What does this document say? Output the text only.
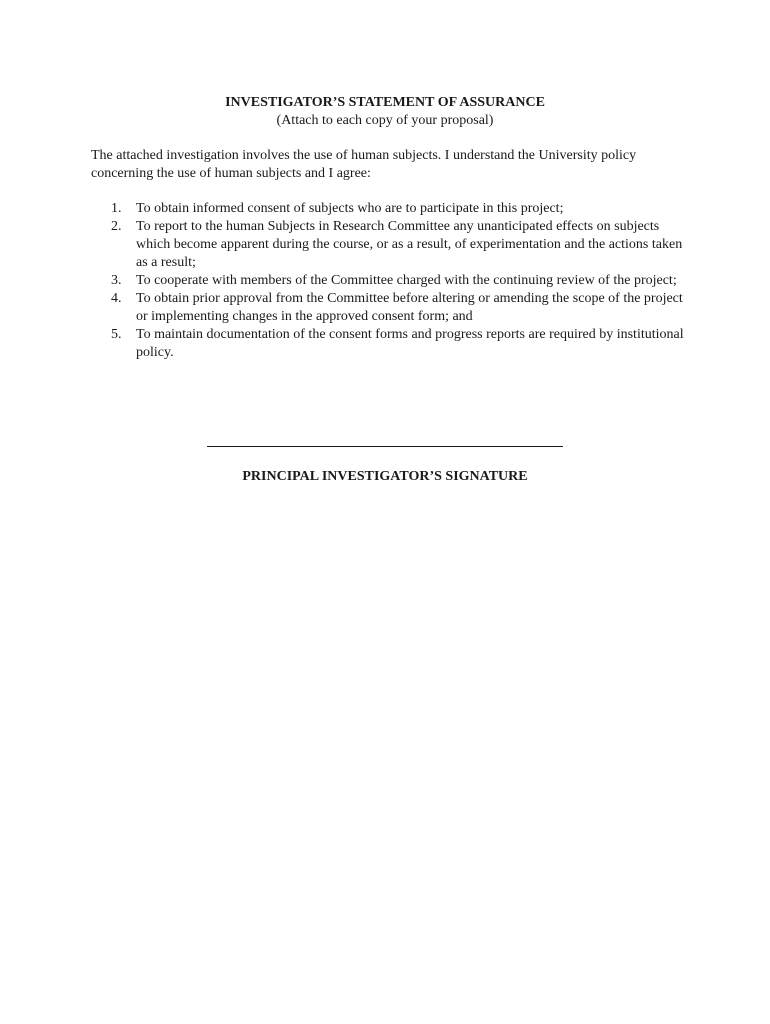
INVESTIGATOR’S STATEMENT OF ASSURANCE
(Attach to each copy of your proposal)

The attached investigation involves the use of human subjects. I understand the University policy concerning the use of human subjects and I agree:

1. To obtain informed consent of subjects who are to participate in this project;
2. To report to the human Subjects in Research Committee any unanticipated effects on subjects which become apparent during the course, or as a result, of experimentation and the actions taken as a result;
3. To cooperate with members of the Committee charged with the continuing review of the project;
4. To obtain prior approval from the Committee before altering or amending the scope of the project or implementing changes in the approved consent form; and
5. To maintain documentation of the consent forms and progress reports are required by institutional policy.
PRINCIPAL INVESTIGATOR’S SIGNATURE
